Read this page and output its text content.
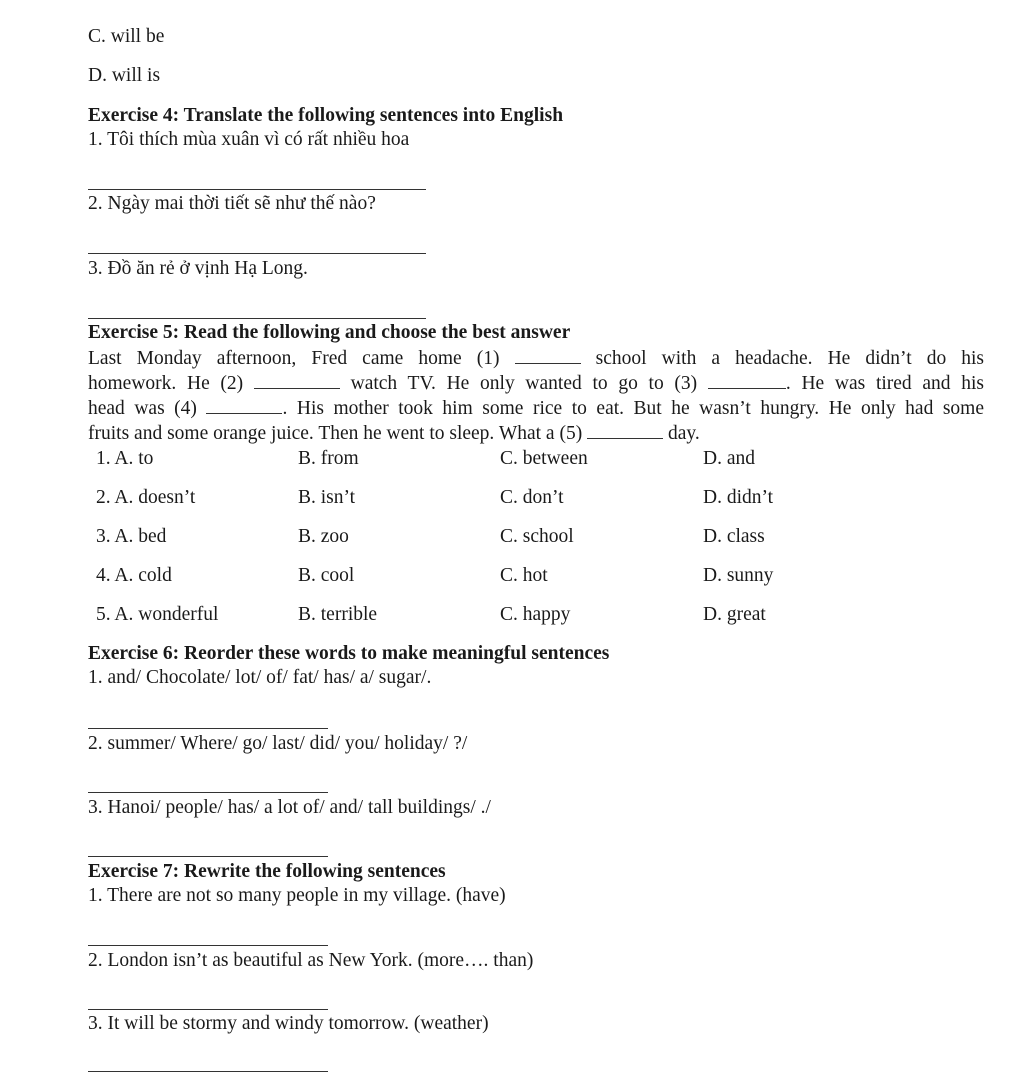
C. will be
D. will is
Exercise 4: Translate the following sentences into English
1. Tôi thích mùa xuân vì có rất nhiều hoa
2. Ngày mai thời tiết sẽ như thế nào?
3. Đồ ăn rẻ ở vịnh Hạ Long.
Exercise 5: Read the following and choose the best answer
Last Monday afternoon, Fred came home (1)	school with a headache. He didn’t do his
homework. He (2)	watch TV. He only wanted to go to (3)	. He was tired and his
head was (4)	. His mother took him some rice to eat. But he wasn’t hungry. He only had some
fruits and some orange juice. Then he went to sleep. What a (5)	day.
1. A. to	B. from	C. between	D. and
2. A. doesn’t	B. isn’t	C. don’t	D. didn’t
3. A. bed	B. zoo	C. school	D. class
4. A. cold	B. cool	C. hot	D. sunny
5. A. wonderful	B. terrible	C. happy	D. great
Exercise 6: Reorder these words to make meaningful sentences
1. and/ Chocolate/ lot/ of/ fat/ has/ a/ sugar/.
2. summer/ Where/ go/ last/ did/ you/ holiday/ ?/
3. Hanoi/ people/ has/ a lot of/ and/ tall buildings/ ./
Exercise 7: Rewrite the following sentences
1. There are not so many people in my village. (have)
2. London isn’t as beautiful as New York. (more…. than)
3. It will be stormy and windy tomorrow. (weather)
